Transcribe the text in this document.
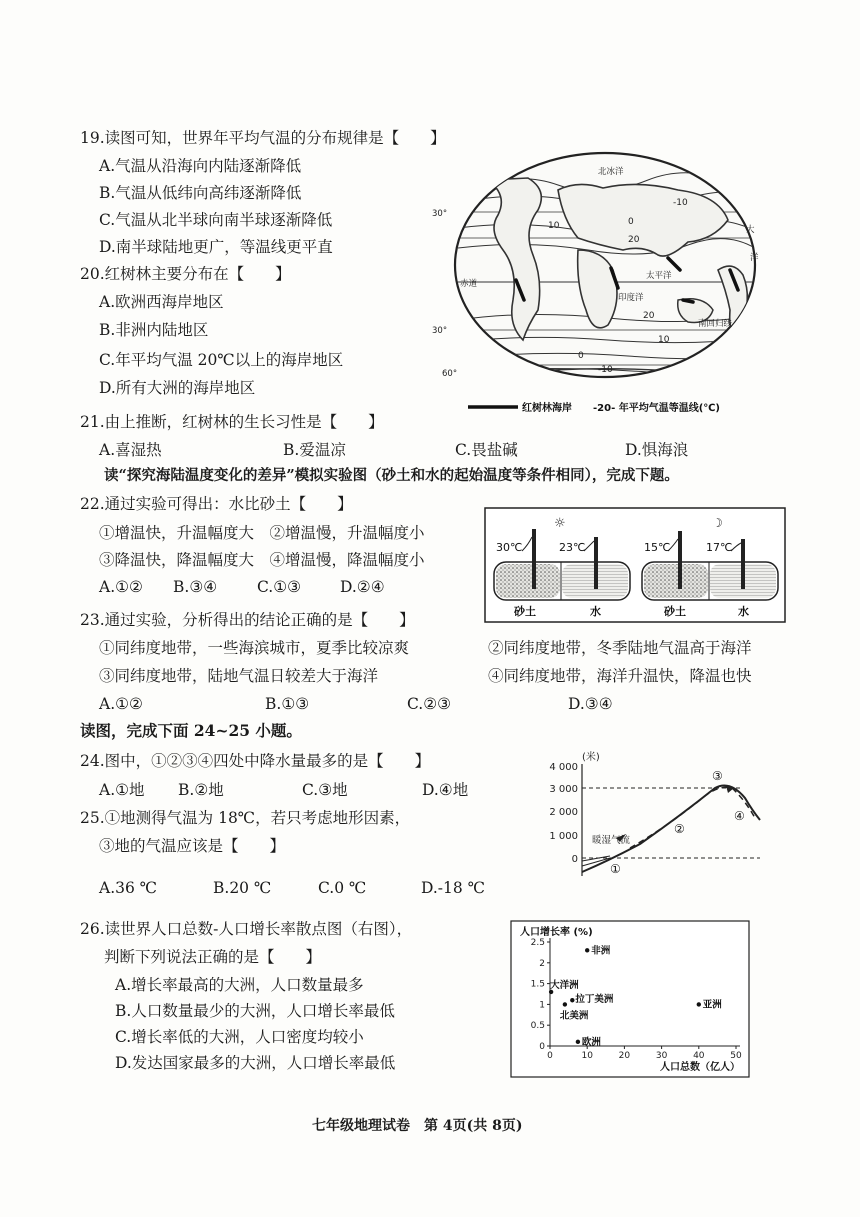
19.读图可知，世界年平均气温的分布规律是【　　】
A.气温从沿海向内陆逐渐降低
B.气温从低纬向高纬逐渐降低
C.气温从北半球向南半球逐渐降低
D.南半球陆地更广，等温线更平直
20.红树林主要分布在【　　】
A.欧洲西海岸地区
B.非洲内陆地区
C.年平均气温 20℃以上的海岸地区
D.所有大洲的海岸地区
-10
0
10
20
20
10
0
-10
北冰洋
大
太平洋
印度洋
赤道
南回归线
洋
30°
30°
60°
红树林海岸 -20- 年平均气温等温线(℃)
21.由上推断，红树林的生长习性是【　　】
A.喜湿热	B.爱温凉	C.畏盐碱	D.惧海浪
读“探究海陆温度变化的差异”模拟实验图（砂土和水的起始温度等条件相同），完成下题。
22.通过实验可得出：水比砂土【　　】
①增温快，升温幅度大　②增温慢，升温幅度小
③降温快，降温幅度大　④增温慢，降温幅度小
A.①② B.③④	C.①③	D.②④
☼
30℃	23℃
砂土	水
☽
15℃	17℃
砂土	水
23.通过实验，分析得出的结论正确的是【　　】
①同纬度地带，一些海滨城市，夏季比较凉爽	②同纬度地带，冬季陆地气温高于海洋
③同纬度地带，陆地气温日较差大于海洋	④同纬度地带，海洋升温快，降温也快
A.①②	B.①③	C.②③	D.③④
读图，完成下面 24~25 小题。
24.图中，①②③④四处中降水量最多的是【　　】
A.①地 B.②地	C.③地	D.④地
25.①地测得气温为 18℃，若只考虑地形因素，
③地的气温应该是【　　】
A.36 ℃	B.20 ℃	C.0 ℃	D.-18 ℃
(米)
4 000
3 000
2 000
1 000
0
暖湿气流
①
②
③
④
26.读世界人口总数-人口增长率散点图（右图），
判断下列说法正确的是【　　】
A.增长率最高的大洲，人口数量最多
B.人口数量最少的大洲，人口增长率最低
C.增长率低的大洲，人口密度均较小
D.发达国家最多的大洲，人口增长率最低
人口增长率 (%)
人口总数（亿人）
0
0.5
1
1.5
2
2.5
0	10	20	30	40	50
非洲
大洋洲
拉丁美洲
北美洲
亚洲
欧洲
七年级地理试卷　第 4页(共 8页)
